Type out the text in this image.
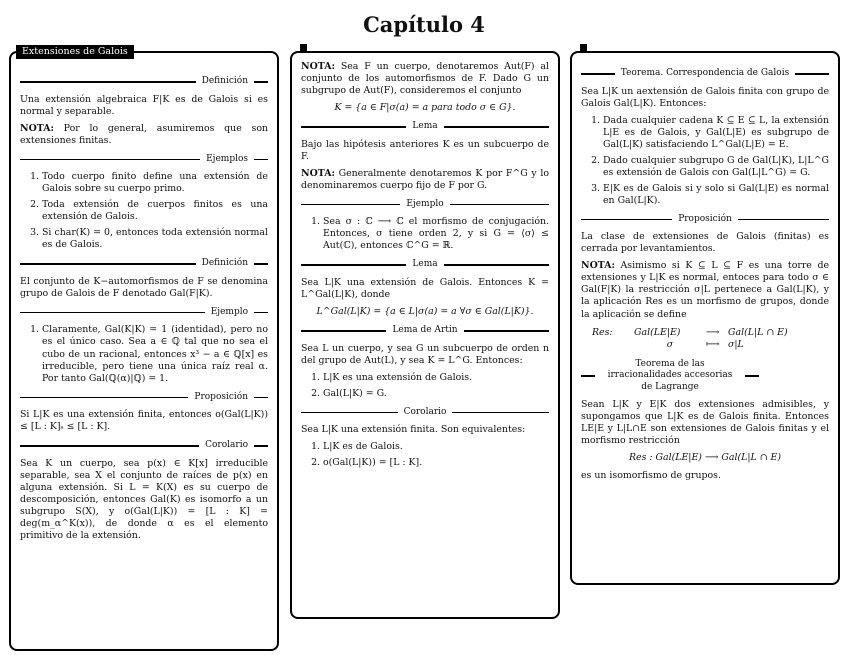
Capítulo 4
Extensiones de Galois
Definición

Una extensión algebraica F|K es de Galois si es normal y separable.

NOTA: Por lo general, asumiremos que son extensiones finitas.

Ejemplos
1. Todo cuerpo finito define una extensión de Galois sobre su cuerpo primo.
2. Toda extensión de cuerpos finitos es una extensión de Galois.
3. Si char(K) = 0, entonces toda extensión normal es de Galois.
Definición

El conjunto de K−automorfismos de F se denomina grupo de Galois de F denotado Gal(F|K).

Ejemplo
1. Claramente, Gal(K|K) = 1 (identidad), pero no es el único caso. Sea a ∈ ℚ tal que no sea el cubo de un racional, entonces x³ − a ∈ ℚ[x] es irreducible, pero tiene una única raíz real α. Por tanto Gal(ℚ(α)|ℚ) = 1.
Proposición

Si L|K es una extensión finita, entonces o(Gal(L|K)) ≤ [L : K]ₛ ≤ [L : K].

Corolario

Sea K un cuerpo, sea p(x) ∈ K[x] irreducible separable, sea X el conjunto de raíces de p(x) en alguna extensión. Si L = K(X) es su cuerpo de descomposición, entonces Gal(K) es isomorfo a un subgrupo S(X), y o(Gal(L|K)) = [L : K] = deg(m_α^K(x)), de donde α es el elemento primitivo de la extensión.

NOTA: Sea F un cuerpo, denotaremos Aut(F) al conjunto de los automorfismos de F. Dado G un subgrupo de Aut(F), consideremos el conjunto

K = {a ∈ F|σ(a) = a para todo σ ∈ G}.
Lema

Bajo las hipótesis anteriores K es un subcuerpo de F.

NOTA: Generalmente denotaremos K por F^G y lo denominaremos cuerpo fijo de F por G.

Ejemplo
1. Sea σ : ℂ ⟶ ℂ el morfismo de conjugación. Entonces, σ tiene orden 2, y si G = ⟨σ⟩ ≤ Aut(ℂ), entonces ℂ^G = ℝ.
Lema

Sea L|K una extensión de Galois. Entonces K = L^Gal(L|K), donde

L^Gal(L|K) = {a ∈ L|σ(a) = a ∀σ ∈ Gal(L|K)}.
Lema de Artin

Sea L un cuerpo, y sea G un subcuerpo de orden n del grupo de Aut(L), y sea K = L^G. Entonces:

1. L|K es una extensión de Galois.
2. Gal(L|K) = G.
Corolario

Sea L|K una extensión finita. Son equivalentes:

1. L|K es de Galois.
2. o(Gal(L|K)) = [L : K].
Teorema. Correspondencia de Galois

Sea L|K un aextensión de Galois finita con grupo de Galois Gal(L|K). Entonces:

1. Dada cualquier cadena K ⊆ E ⊆ L, la extensión L|E es de Galois, y Gal(L|E) es subgrupo de Gal(L|K) satisfaciendo L^Gal(L|E) = E.
2. Dado cualquier subgrupo G de Gal(L|K), L|L^G es extensión de Galois con Gal(L|L^G) = G.
3. E|K es de Galois si y solo si Gal(L|E) es normal en Gal(L|K).
Proposición

La clase de extensiones de Galois (finitas) es cerrada por levantamientos.

NOTA: Asimismo si K ⊆ L ⊆ F es una torre de extensiones y L|K es normal, entoces para todo σ ∈ Gal(F|K) la restricción σ|L pertenece a Gal(L|K), y la aplicación Res es un morfismo de grupos, donde la aplicación se define

Res:	Gal(LE|E)	⟶ Gal(L|L ∩ E)
σ	⟼ σ|L
Teorema de las irracionalidades accesorias de Lagrange

Sean L|K y E|K dos extensiones admisibles, y supongamos que L|K es de Galois finita. Entonces LE|E y L|L∩E son extensiones de Galois finitas y el morfismo restricción

Res : Gal(LE|E) ⟶ Gal(L|L ∩ E)

es un isomorfismo de grupos.
